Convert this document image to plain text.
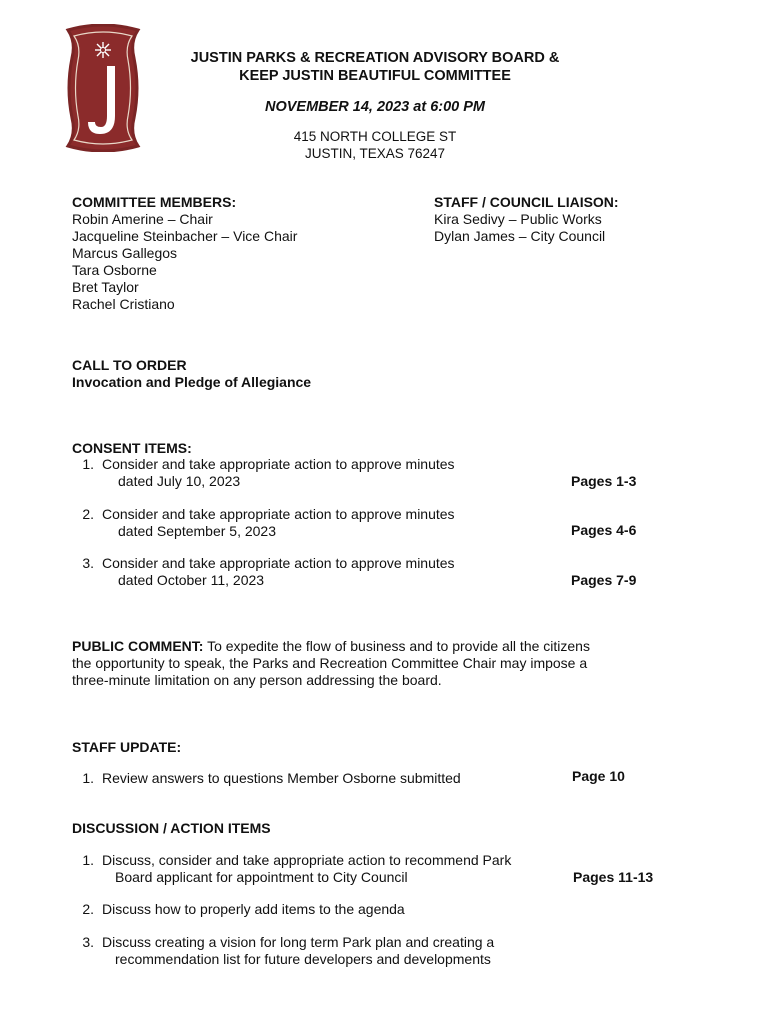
JUSTIN PARKS & RECREATION ADVISORY BOARD &
KEEP JUSTIN BEAUTIFUL COMMITTEE
NOVEMBER 14, 2023 at 6:00 PM
415 NORTH COLLEGE ST
JUSTIN, TEXAS 76247
COMMITTEE MEMBERS:
Robin Amerine – Chair
Jacqueline Steinbacher – Vice Chair
Marcus Gallegos
Tara Osborne
Bret Taylor
Rachel Cristiano
STAFF / COUNCIL LIAISON:
Kira Sedivy – Public Works
Dylan James – City Council
CALL TO ORDER
Invocation and Pledge of Allegiance
CONSENT ITEMS:
1. Consider and take appropriate action to approve minutes
dated July 10, 2023	Pages 1-3
2. Consider and take appropriate action to approve minutes
dated September 5, 2023	Pages 4-6
3. Consider and take appropriate action to approve minutes
dated October 11, 2023	Pages 7-9
PUBLIC COMMENT: To expedite the flow of business and to provide all the citizens
the opportunity to speak, the Parks and Recreation Committee Chair may impose a
three-minute limitation on any person addressing the board.
STAFF UPDATE:
1. Review answers to questions Member Osborne submitted	Page 10
DISCUSSION / ACTION ITEMS
1. Discuss, consider and take appropriate action to recommend Park
Board applicant for appointment to City Council	Pages 11-13
2. Discuss how to properly add items to the agenda
3. Discuss creating a vision for long term Park plan and creating a
recommendation list for future developers and developments
